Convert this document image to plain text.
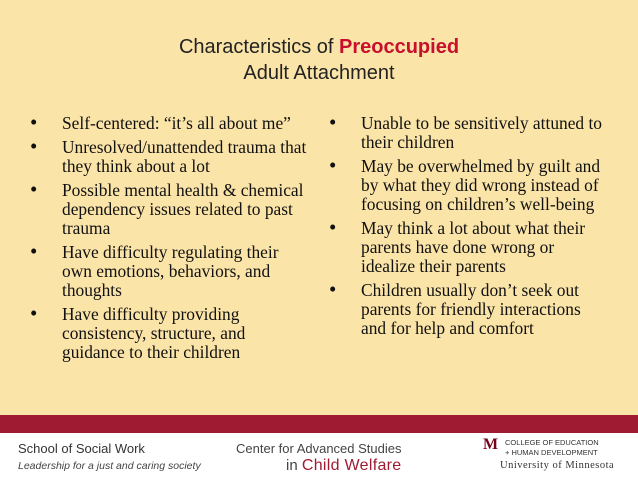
Characteristics of Preoccupied
Adult Attachment
• Self-centered: “it’s all about me”
• Unresolved/unattended trauma that they think about a lot
• Possible mental health & chemical dependency issues related to past trauma
• Have difficulty regulating their own emotions, behaviors, and thoughts
• Have difficulty providing consistency, structure, and guidance to their children
• Unable to be sensitively attuned to their children
• May be overwhelmed by guilt and by what they did wrong instead of focusing on children’s well-being
• May think a lot about what their parents have done wrong or idealize their parents
• Children usually don’t seek out parents for friendly interactions and for help and comfort
School of Social Work
Leadership for a just and caring society
Center for Advanced Studies
in Child Welfare
M COLLEGE OF EDUCATION
+ HUMAN DEVELOPMENT
University of Minnesota
